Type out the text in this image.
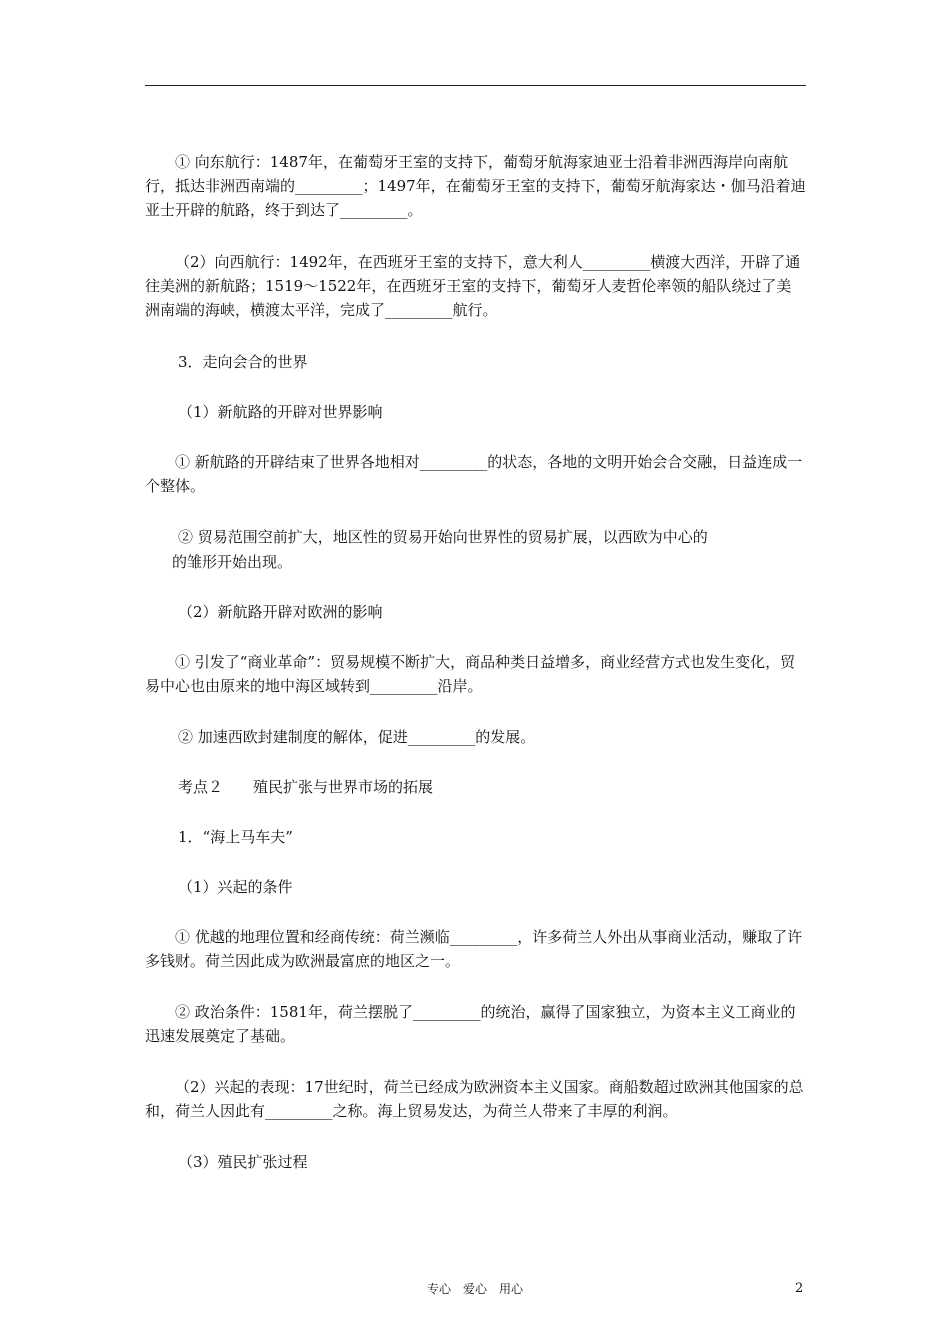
① 向东航行：1487年，在葡萄牙王室的支持下，葡萄牙航海家迪亚士沿着非洲西海岸向南航行，抵达非洲西南端的_________；1497年，在葡萄牙王室的支持下，葡萄牙航海家达・伽马沿着迪亚士开辟的航路，终于到达了_________。

（2）向西航行：1492年，在西班牙王室的支持下，意大利人_________横渡大西洋，开辟了通往美洲的新航路；1519～1522年，在西班牙王室的支持下，葡萄牙人麦哲伦率领的船队绕过了美洲南端的海峡，横渡太平洋，完成了_________航行。

3．走向会合的世界
（1）新航路的开辟对世界影响

① 新航路的开辟结束了世界各地相对_________的状态，各地的文明开始会合交融，日益连成一个整体。

② 贸易范围空前扩大，地区性的贸易开始向世界性的贸易扩展，以西欧为中心的
的雏形开始出现。
（2）新航路开辟对欧洲的影响

① 引发了“商业革命”：贸易规模不断扩大，商品种类日益增多，商业经营方式也发生变化，贸易中心也由原来的地中海区域转到_________沿岸。

② 加速西欧封建制度的解体，促进_________的发展。
考点２　　殖民扩张与世界市场的拓展
1．“海上马车夫”
（1）兴起的条件

① 优越的地理位置和经商传统：荷兰濒临_________，许多荷兰人外出从事商业活动，赚取了许多钱财。荷兰因此成为欧洲最富庶的地区之一。

② 政治条件：1581年，荷兰摆脱了_________的统治，赢得了国家独立，为资本主义工商业的迅速发展奠定了基础。

（2）兴起的表现：17世纪时，荷兰已经成为欧洲资本主义国家。商船数超过欧洲其他国家的总和，荷兰人因此有_________之称。海上贸易发达，为荷兰人带来了丰厚的利润。

（3）殖民扩张过程
专心　爱心　用心	2
